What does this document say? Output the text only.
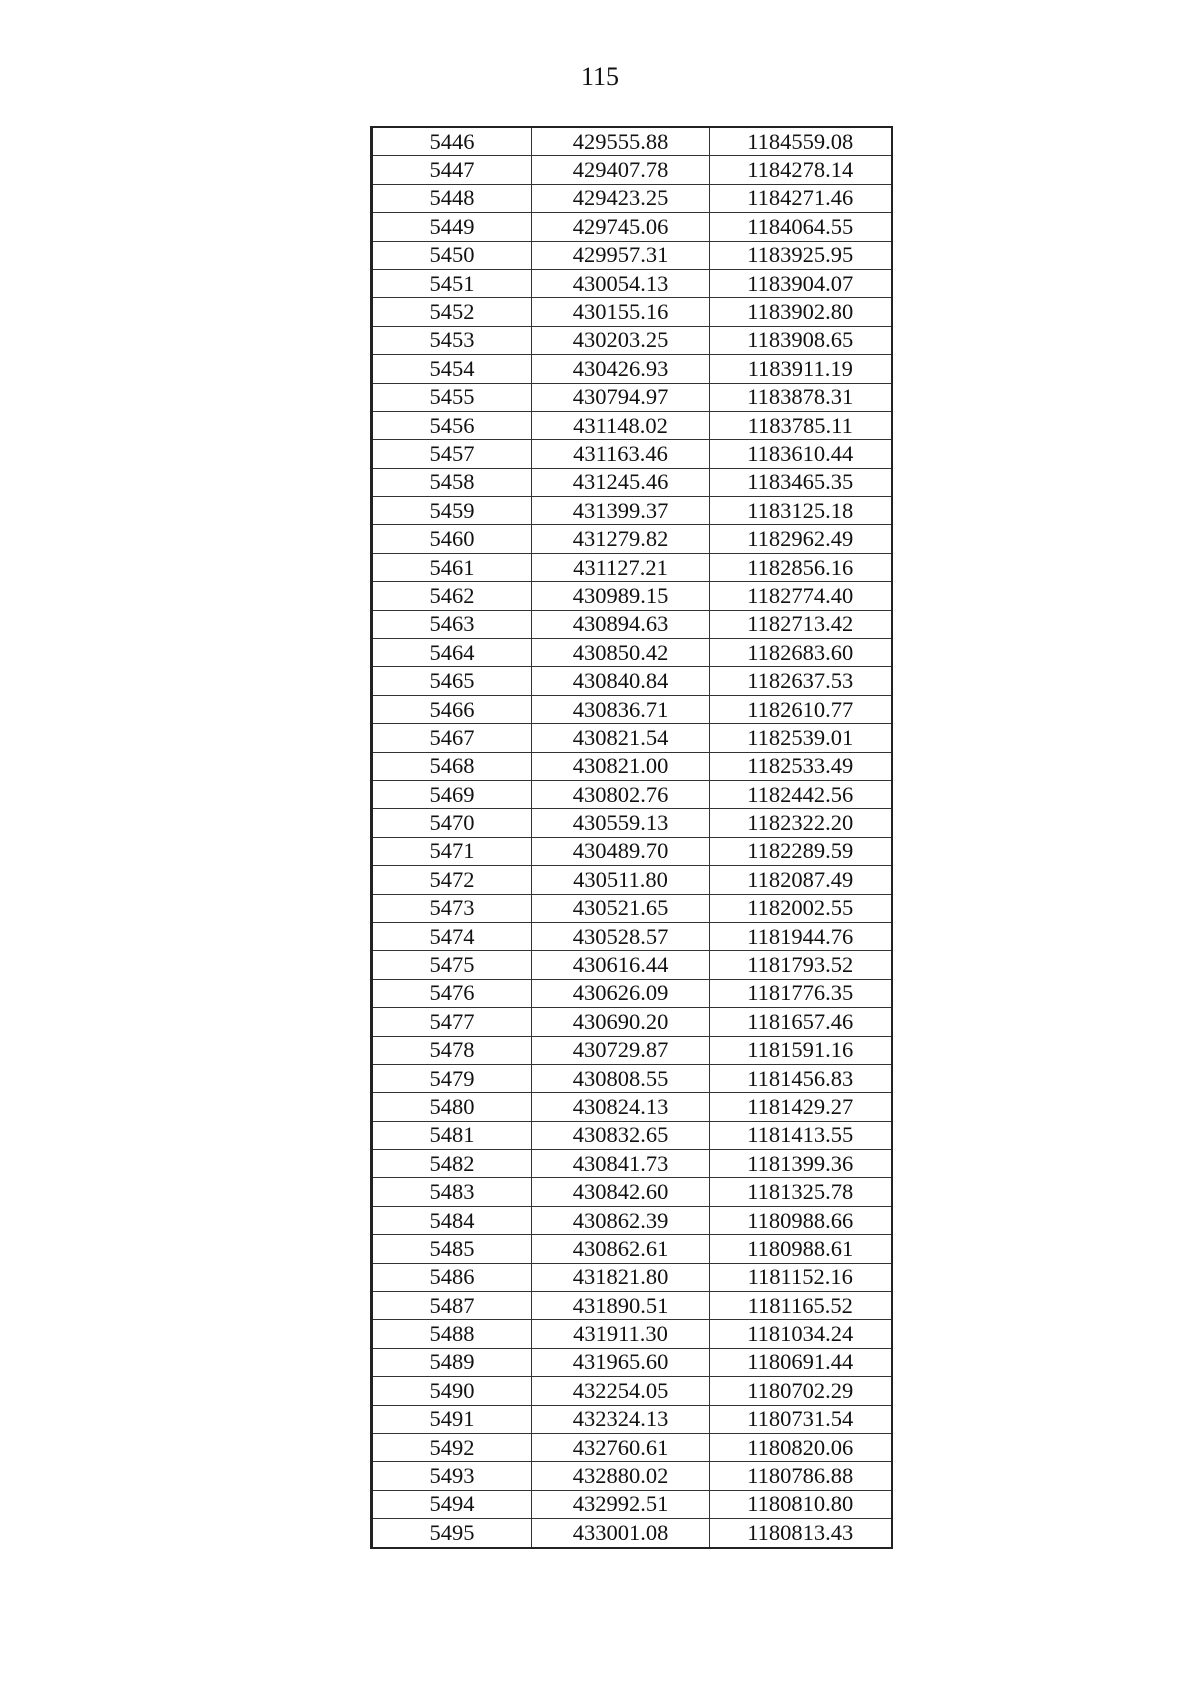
115
5446	429555.88	1184559.08
5447	429407.78	1184278.14
5448	429423.25	1184271.46
5449	429745.06	1184064.55
5450	429957.31	1183925.95
5451	430054.13	1183904.07
5452	430155.16	1183902.80
5453	430203.25	1183908.65
5454	430426.93	1183911.19
5455	430794.97	1183878.31
5456	431148.02	1183785.11
5457	431163.46	1183610.44
5458	431245.46	1183465.35
5459	431399.37	1183125.18
5460	431279.82	1182962.49
5461	431127.21	1182856.16
5462	430989.15	1182774.40
5463	430894.63	1182713.42
5464	430850.42	1182683.60
5465	430840.84	1182637.53
5466	430836.71	1182610.77
5467	430821.54	1182539.01
5468	430821.00	1182533.49
5469	430802.76	1182442.56
5470	430559.13	1182322.20
5471	430489.70	1182289.59
5472	430511.80	1182087.49
5473	430521.65	1182002.55
5474	430528.57	1181944.76
5475	430616.44	1181793.52
5476	430626.09	1181776.35
5477	430690.20	1181657.46
5478	430729.87	1181591.16
5479	430808.55	1181456.83
5480	430824.13	1181429.27
5481	430832.65	1181413.55
5482	430841.73	1181399.36
5483	430842.60	1181325.78
5484	430862.39	1180988.66
5485	430862.61	1180988.61
5486	431821.80	1181152.16
5487	431890.51	1181165.52
5488	431911.30	1181034.24
5489	431965.60	1180691.44
5490	432254.05	1180702.29
5491	432324.13	1180731.54
5492	432760.61	1180820.06
5493	432880.02	1180786.88
5494	432992.51	1180810.80
5495	433001.08	1180813.43
